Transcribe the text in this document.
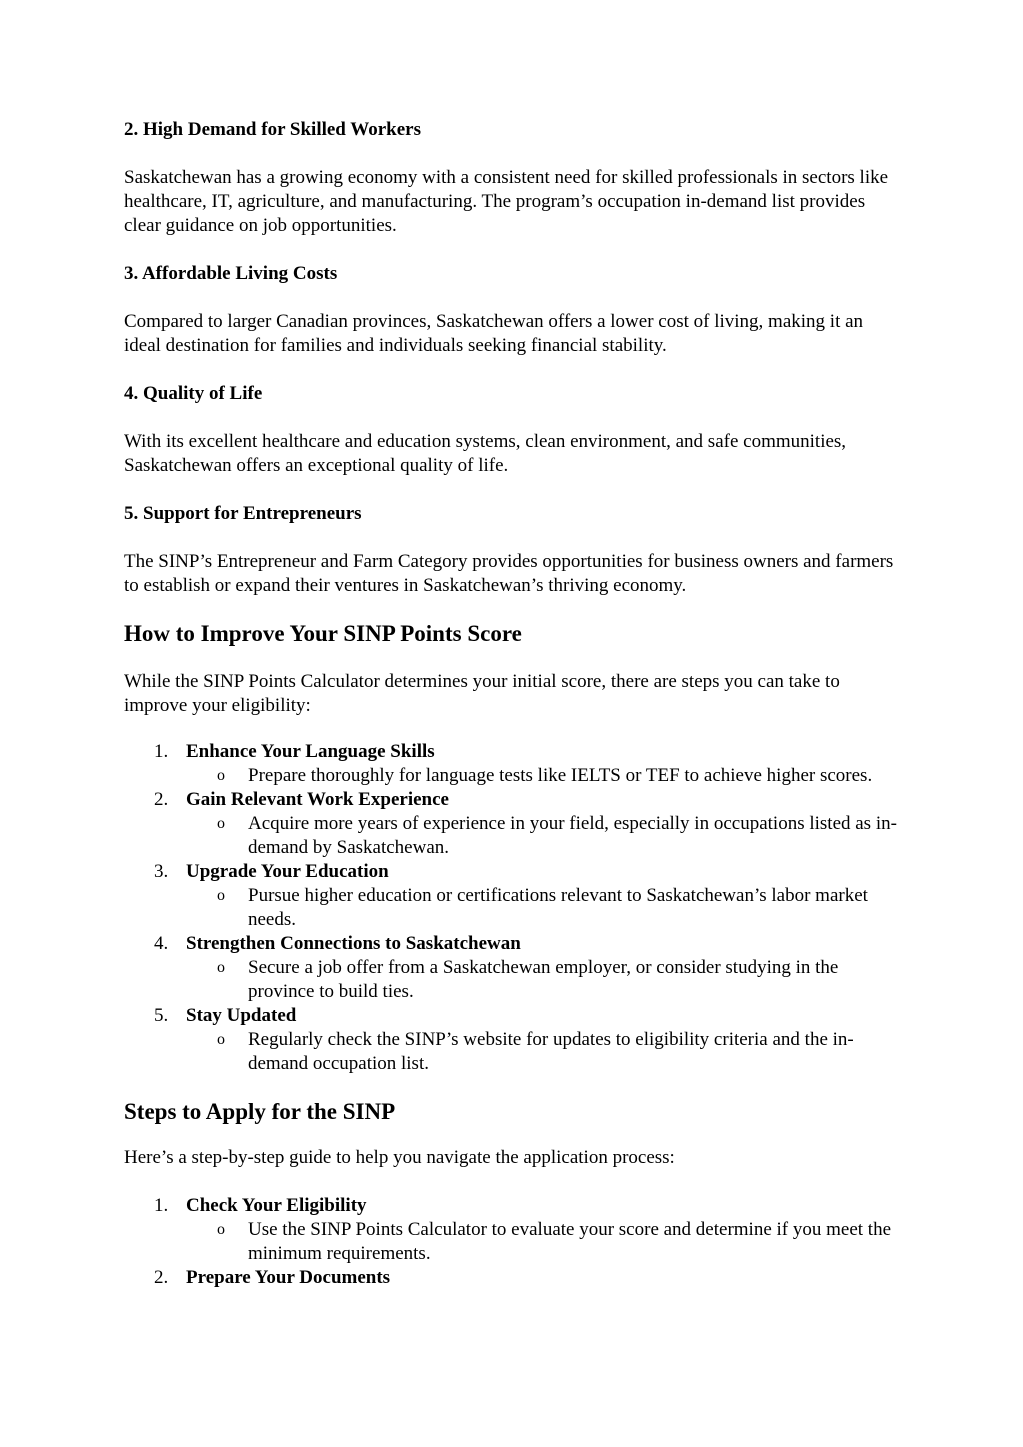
2. High Demand for Skilled Workers

Saskatchewan has a growing economy with a consistent need for skilled professionals in sectors like healthcare, IT, agriculture, and manufacturing. The program’s occupation in-demand list provides clear guidance on job opportunities.

3. Affordable Living Costs

Compared to larger Canadian provinces, Saskatchewan offers a lower cost of living, making it an ideal destination for families and individuals seeking financial stability.

4. Quality of Life

With its excellent healthcare and education systems, clean environment, and safe communities, Saskatchewan offers an exceptional quality of life.

5. Support for Entrepreneurs

The SINP’s Entrepreneur and Farm Category provides opportunities for business owners and farmers to establish or expand their ventures in Saskatchewan’s thriving economy.

How to Improve Your SINP Points Score

While the SINP Points Calculator determines your initial score, there are steps you can take to improve your eligibility:

1. Enhance Your Language Skills
o Prepare thoroughly for language tests like IELTS or TEF to achieve higher scores.
2. Gain Relevant Work Experience
o Acquire more years of experience in your field, especially in occupations listed as in-demand by Saskatchewan.
3. Upgrade Your Education
o Pursue higher education or certifications relevant to Saskatchewan’s labor market needs.
4. Strengthen Connections to Saskatchewan
o Secure a job offer from a Saskatchewan employer, or consider studying in the province to build ties.
5. Stay Updated
o Regularly check the SINP’s website for updates to eligibility criteria and the in-demand occupation list.

Steps to Apply for the SINP

Here’s a step-by-step guide to help you navigate the application process:

1. Check Your Eligibility
o Use the SINP Points Calculator to evaluate your score and determine if you meet the minimum requirements.
2. Prepare Your Documents
